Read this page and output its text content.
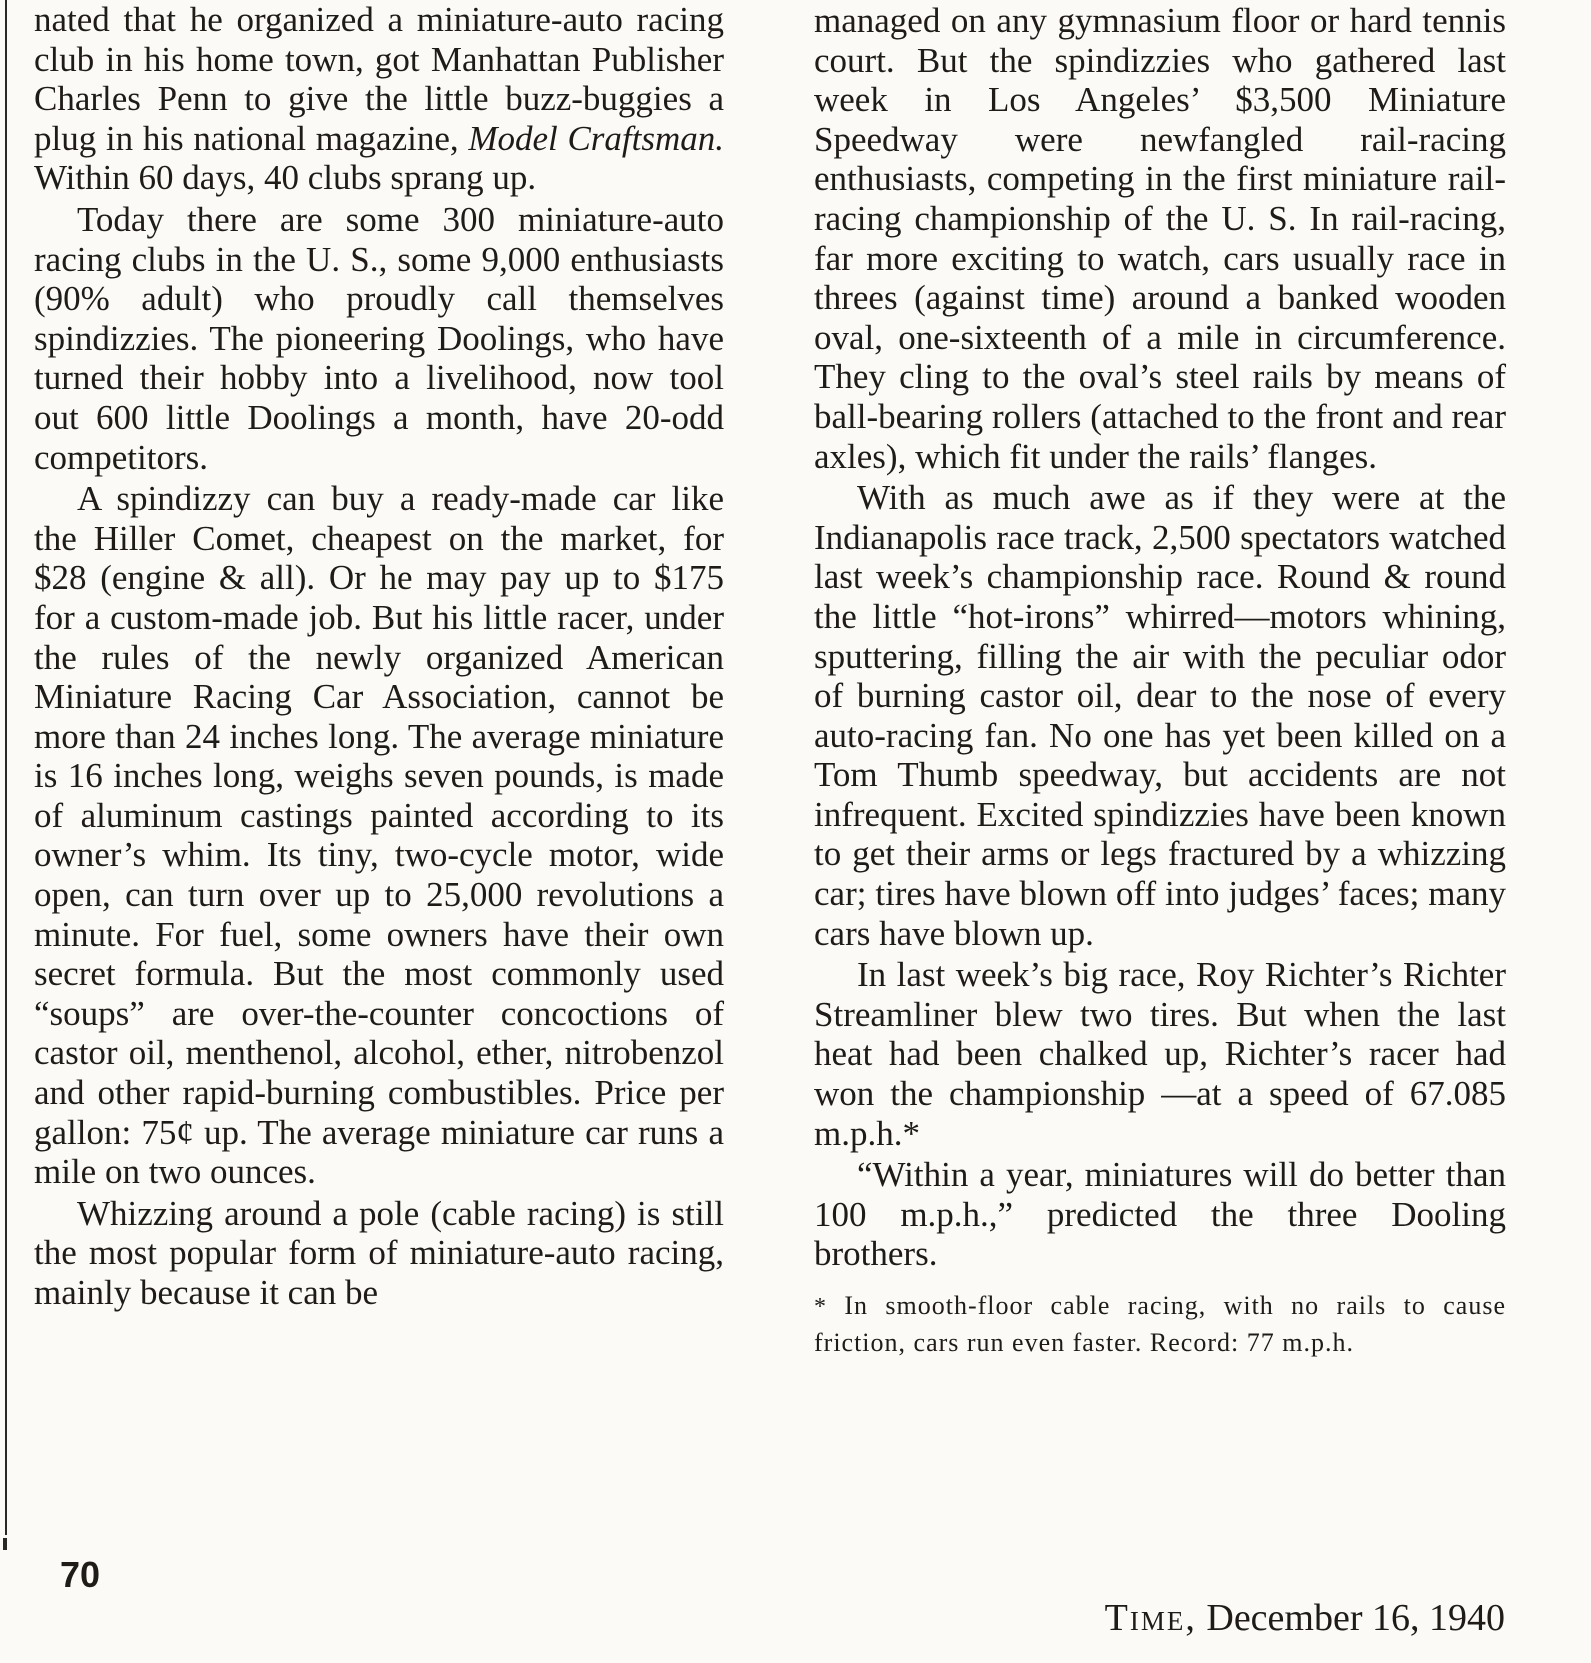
nated that he organized a miniature-auto racing club in his home town, got Manhattan Publisher Charles Penn to give the little buzz-buggies a plug in his national magazine, Model Craftsman. Within 60 days, 40 clubs sprang up.

Today there are some 300 miniature-auto racing clubs in the U. S., some 9,000 enthusiasts (90% adult) who proudly call themselves spindizzies. The pioneering Doolings, who have turned their hobby into a livelihood, now tool out 600 little Doolings a month, have 20-odd competitors.

A spindizzy can buy a ready-made car like the Hiller Comet, cheapest on the market, for $28 (engine & all). Or he may pay up to $175 for a custom-made job. But his little racer, under the rules of the newly organized American Miniature Racing Car Association, cannot be more than 24 inches long. The average miniature is 16 inches long, weighs seven pounds, is made of aluminum castings painted according to its owner’s whim. Its tiny, two-cycle motor, wide open, can turn over up to 25,000 revolutions a minute. For fuel, some owners have their own secret formula. But the most commonly used “soups” are over-the-counter concoctions of castor oil, menthenol, alcohol, ether, nitrobenzol and other rapid-burning combustibles. Price per gallon: 75¢ up. The average miniature car runs a mile on two ounces.

Whizzing around a pole (cable racing) is still the most popular form of miniature-auto racing, mainly because it can be

managed on any gymnasium floor or hard tennis court. But the spindizzies who gathered last week in Los Angeles’ $3,500 Miniature Speedway were newfangled rail-racing enthusiasts, competing in the first miniature rail-racing championship of the U. S. In rail-racing, far more exciting to watch, cars usually race in threes (against time) around a banked wooden oval, one-sixteenth of a mile in circumference. They cling to the oval’s steel rails by means of ball-bearing rollers (attached to the front and rear axles), which fit under the rails’ flanges.

With as much awe as if they were at the Indianapolis race track, 2,500 spectators watched last week’s championship race. Round & round the little “hot-irons” whirred—motors whining, sputtering, filling the air with the peculiar odor of burning castor oil, dear to the nose of every auto-racing fan. No one has yet been killed on a Tom Thumb speedway, but accidents are not infrequent. Excited spindizzies have been known to get their arms or legs fractured by a whizzing car; tires have blown off into judges’ faces; many cars have blown up.

In last week’s big race, Roy Richter’s Richter Streamliner blew two tires. But when the last heat had been chalked up, Richter’s racer had won the championship —at a speed of 67.085 m.p.h.*

“Within a year, miniatures will do better than 100 m.p.h.,” predicted the three Dooling brothers.

* In smooth-floor cable racing, with no rails to cause friction, cars run even faster. Record: 77 m.p.h.

70
Time, December 16, 1940
